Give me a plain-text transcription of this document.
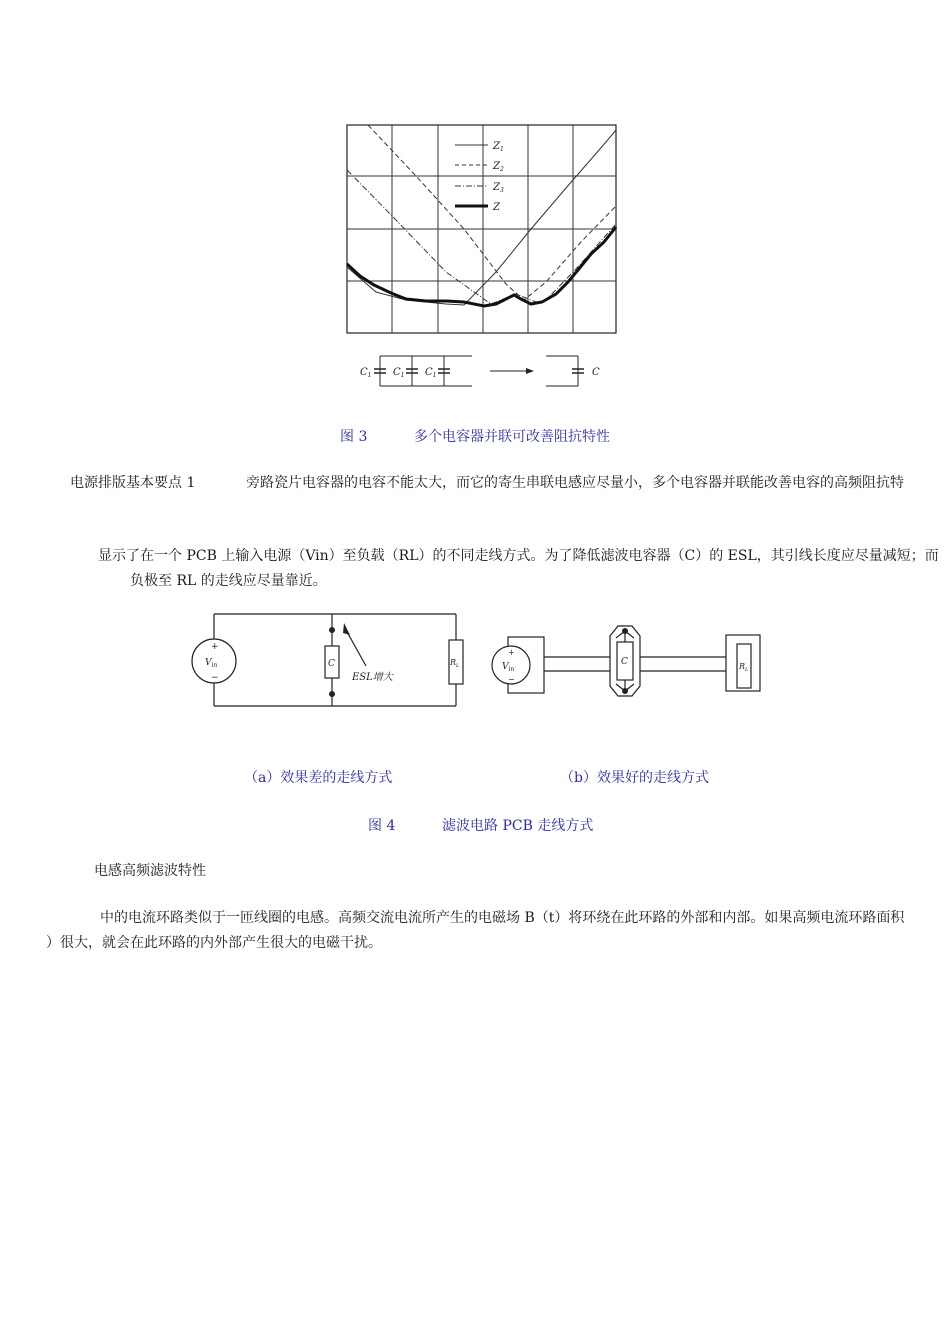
$Z_1$
$Z_2$
$Z_3$
Z
$C_1$ $C_1$ $C_1$	C
图 3	多个电容器并联可改善阻抗特性
电源排版基本要点 1	旁路瓷片电容器的电容不能太大，而它的寄生串联电感应尽量小，多个电容器并联能改善电容的高频阻抗特
显示了在一个 PCB 上输入电源（Vin）至负载（RL）的不同走线方式。为了降低滤波电容器（C）的 ESL，其引线长度应尽量减短；而
负极至 RL 的走线应尽量靠近。
+
−
$V_{in}$	C	$R_L$
ESL增大
+
−
$V_{in}$
C	$R_L$
（a）效果差的走线方式	（b）效果好的走线方式
图 4	滤波电路 PCB 走线方式
电感高频滤波特性
中的电流环路类似于一匝线圈的电感。高频交流电流所产生的电磁场 B（t）将环绕在此环路的外部和内部。如果高频电流环路面积
）很大，就会在此环路的内外部产生很大的电磁干扰。
